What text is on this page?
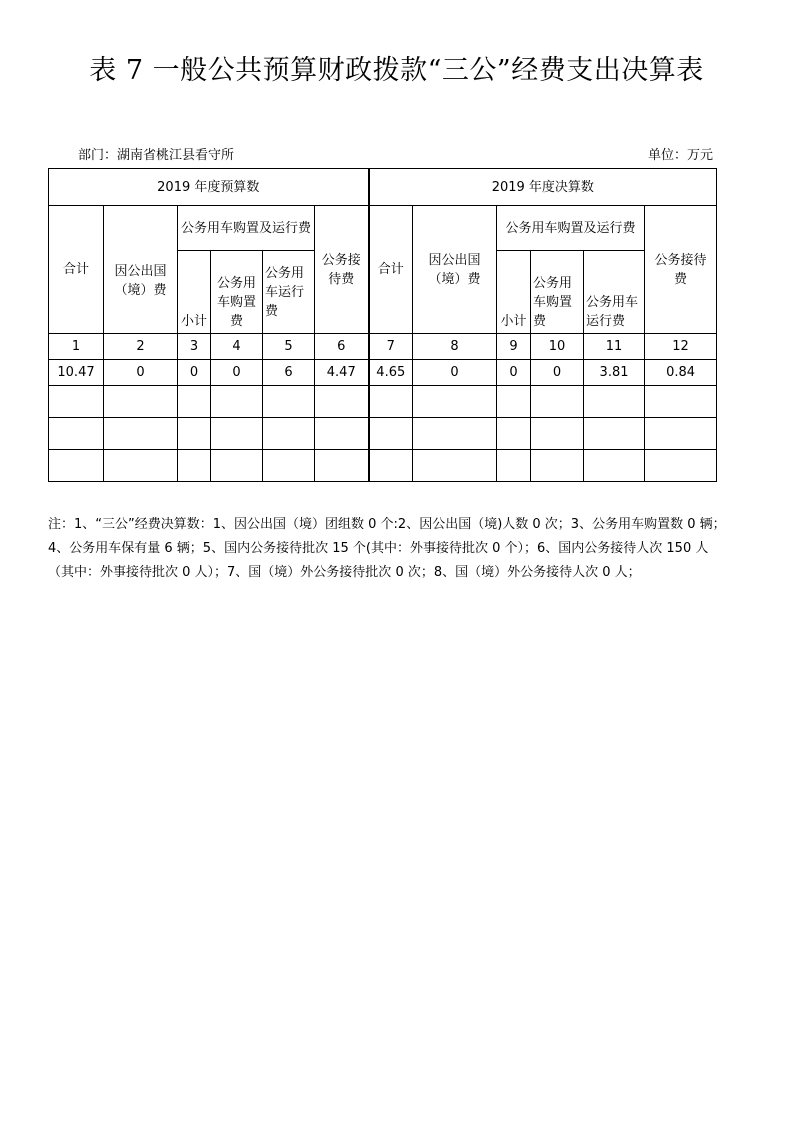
表 7 一般公共预算财政拨款“三公”经费支出决算表
部门：湖南省桃江县看守所	单位：万元
2019 年度预算数						2019 年度决算数					
合计	因公出国（境）费	公务用车购置及运行费			公务接待费	合计	因公出国（境）费	公务用车购置及运行费			公务接待费
		小计	公务用车购置费	公务用车运行费				小计	公务用车购置费	公务用车运行费	
1	2	3	4	5	6	7	8	9	10	11	12
10.47	0	0	0	6	4.47	4.65	0	0	0	3.81	0.84

注：1、“三公”经费决算数：1、因公出国（境）团组数 0 个:2、因公出国（境)人数 0 次；3、公务用车购置数 0 辆；4、公务用车保有量 6 辆；5、国内公务接待批次 15 个(其中：外事接待批次 0 个）；6、国内公务接待人次 150 人（其中：外事接待批次 0 人）；7、国（境）外公务接待批次 0 次；8、国（境）外公务接待人次 0 人；
